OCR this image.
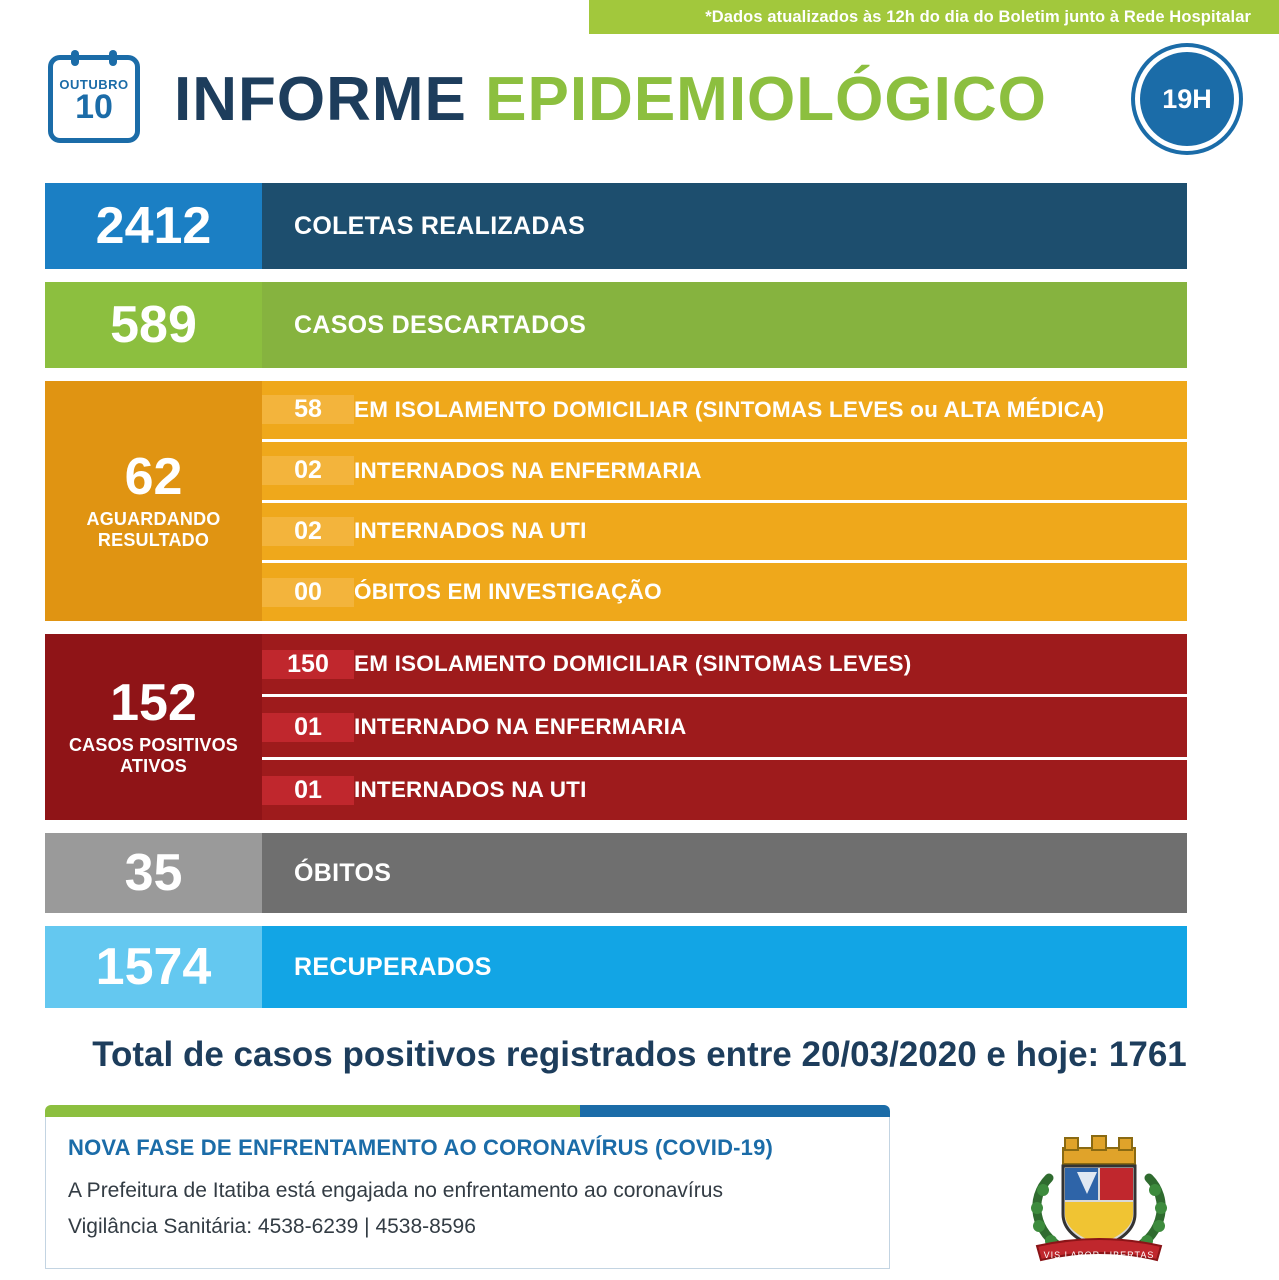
*Dados atualizados às 12h do dia do Boletim junto à Rede Hospitalar
OUTUBRO
10 INFORME EPIDEMIOLÓGICO	19H
2412	COLETAS REALIZADAS
589	CASOS DESCARTADOS
62
AGUARDANDO RESULTADO
58	EM ISOLAMENTO DOMICILIAR (SINTOMAS LEVES ou ALTA MÉDICA)
02	INTERNADOS NA ENFERMARIA
02	INTERNADOS NA UTI
00	ÓBITOS EM INVESTIGAÇÃO
152
CASOS POSITIVOS ATIVOS
150	EM ISOLAMENTO DOMICILIAR (SINTOMAS LEVES)
01	INTERNADO NA ENFERMARIA
01	INTERNADOS NA UTI
35	ÓBITOS
1574	RECUPERADOS
Total de casos positivos registrados entre 20/03/2020 e hoje: 1761
NOVA FASE DE ENFRENTAMENTO AO CORONAVÍRUS (COVID-19)
A Prefeitura de Itatiba está engajada no enfrentamento ao coronavírus
Vigilância Sanitária: 4538-6239 | 4538-8596
VIS LABOR LIBERTAS
